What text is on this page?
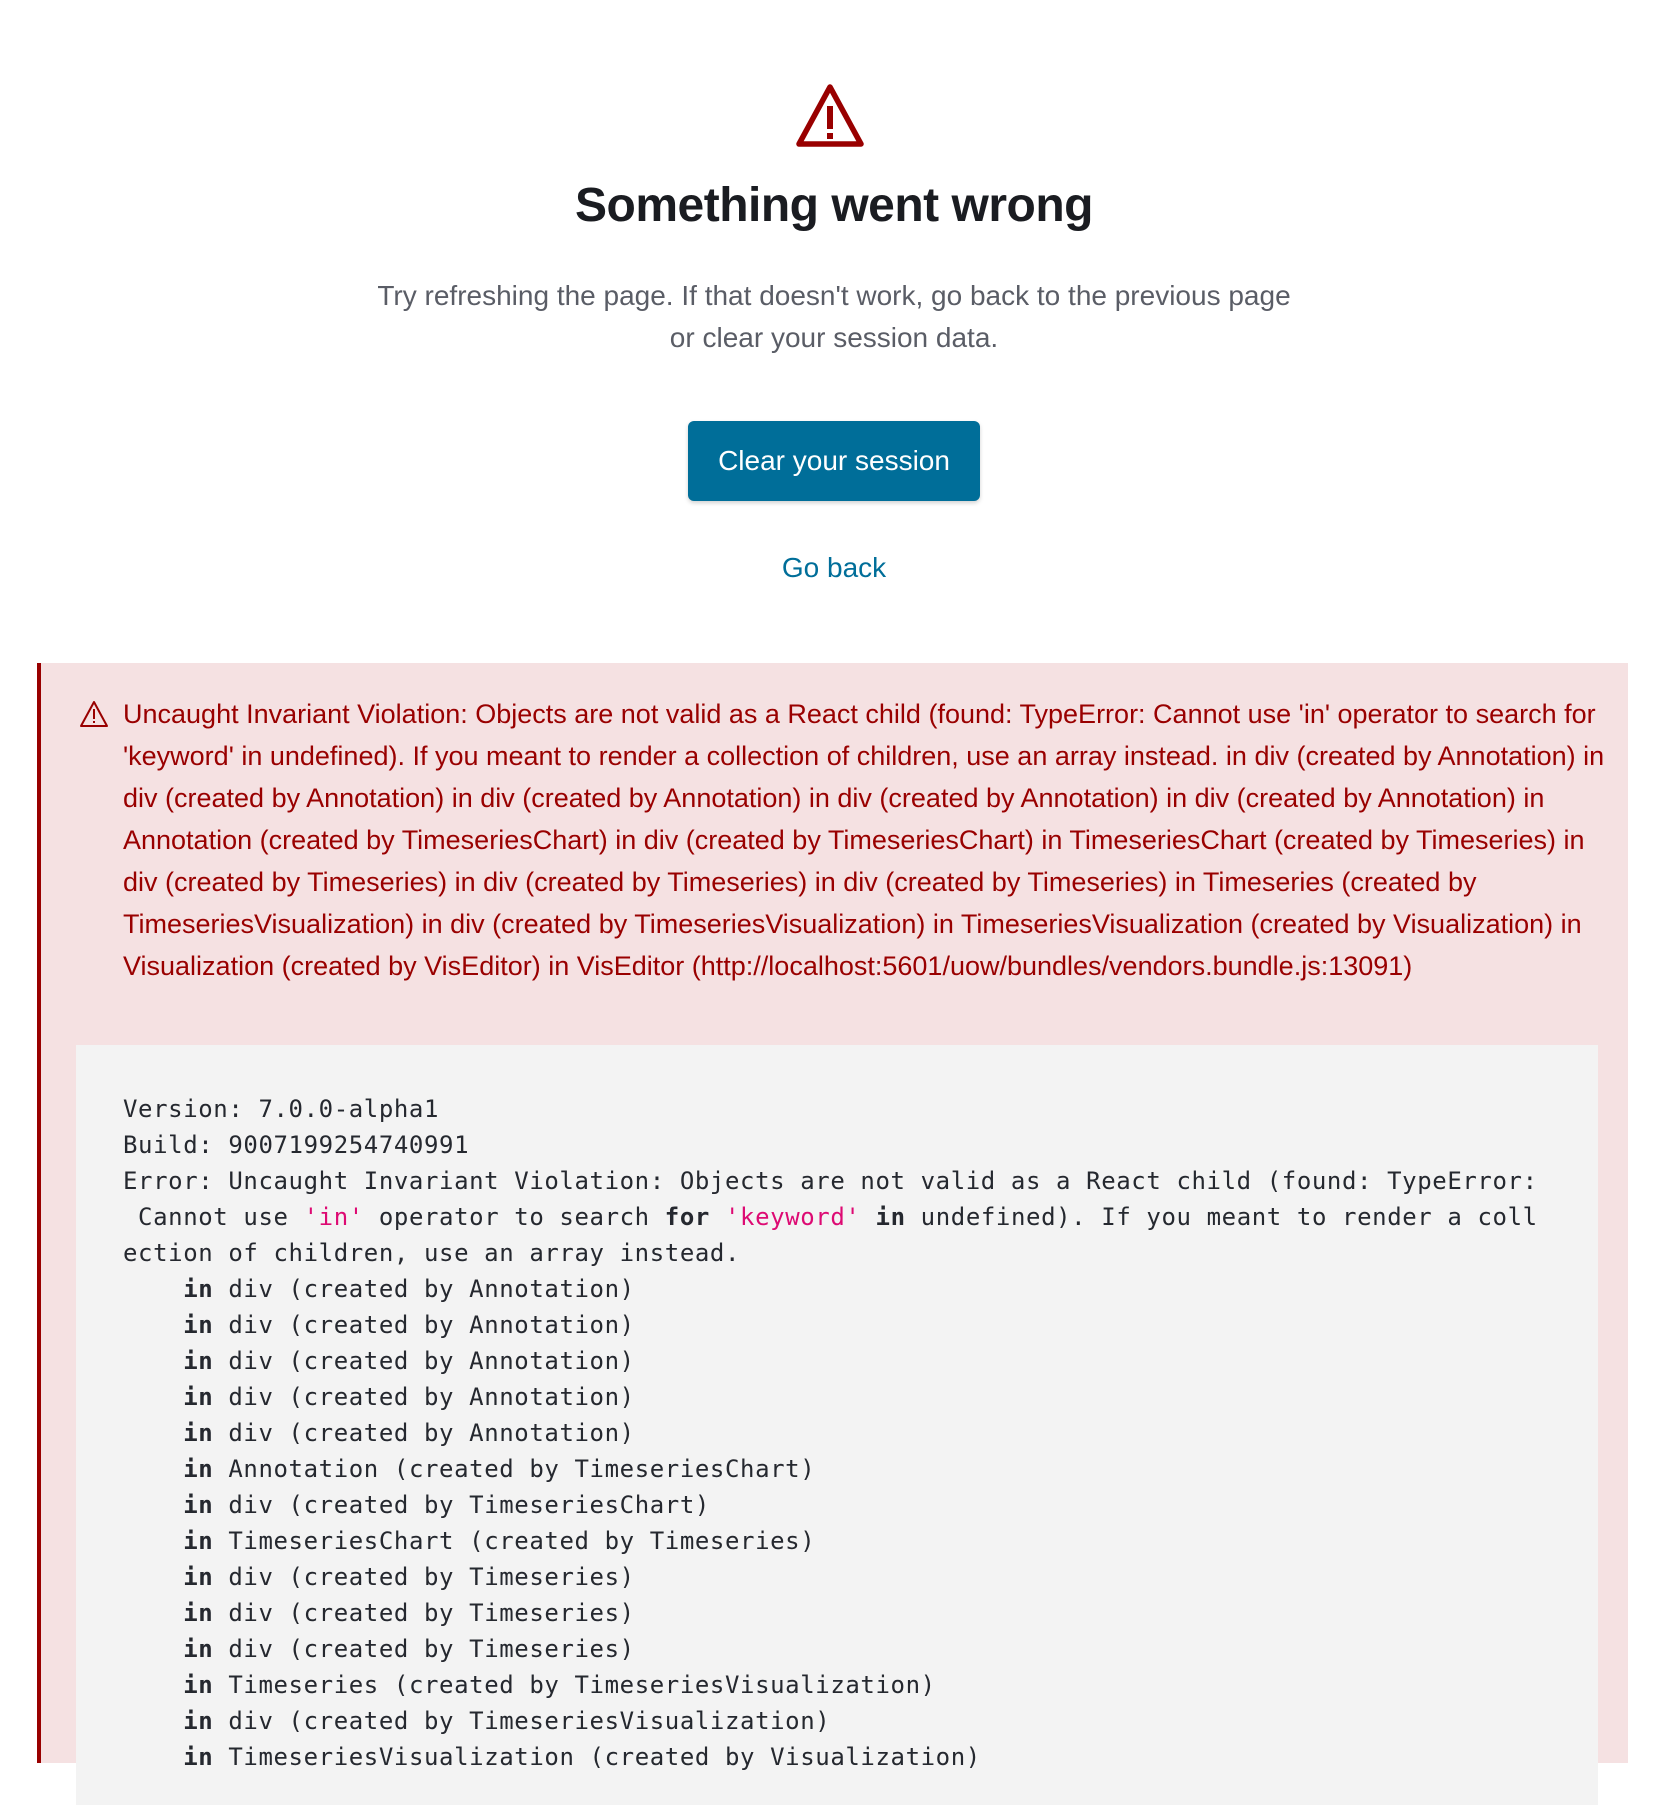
Something went wrong

Try refreshing the page. If that doesn't work, go back to the previous page or clear your session data.

Clear your session
Go back

Uncaught Invariant Violation: Objects are not valid as a React child (found: TypeError: Cannot use 'in' operator to search for 'keyword' in undefined). If you meant to render a collection of children, use an array instead. in div (created by Annotation) in div (created by Annotation) in div (created by Annotation) in div (created by Annotation) in div (created by Annotation) in Annotation (created by TimeseriesChart) in div (created by TimeseriesChart) in TimeseriesChart (created by Timeseries) in div (created by Timeseries) in div (created by Timeseries) in div (created by Timeseries) in Timeseries (created by TimeseriesVisualization) in div (created by TimeseriesVisualization) in TimeseriesVisualization (created by Visualization) in Visualization (created by VisEditor) in VisEditor (http://localhost:5601/uow/bundles/vendors.bundle.js:13091)

Version: 7.0.0-alpha1
Build: 9007199254740991
Error: Uncaught Invariant Violation: Objects are not valid as a React child (found: TypeError:
Cannot use 'in' operator to search for 'keyword' in undefined). If you meant to render a coll
ection of children, use an array instead.
in div (created by Annotation)
in div (created by Annotation)
in div (created by Annotation)
in div (created by Annotation)
in div (created by Annotation)
in Annotation (created by TimeseriesChart)
in div (created by TimeseriesChart)
in TimeseriesChart (created by Timeseries)
in div (created by Timeseries)
in div (created by Timeseries)
in div (created by Timeseries)
in Timeseries (created by TimeseriesVisualization)
in div (created by TimeseriesVisualization)
in TimeseriesVisualization (created by Visualization)
